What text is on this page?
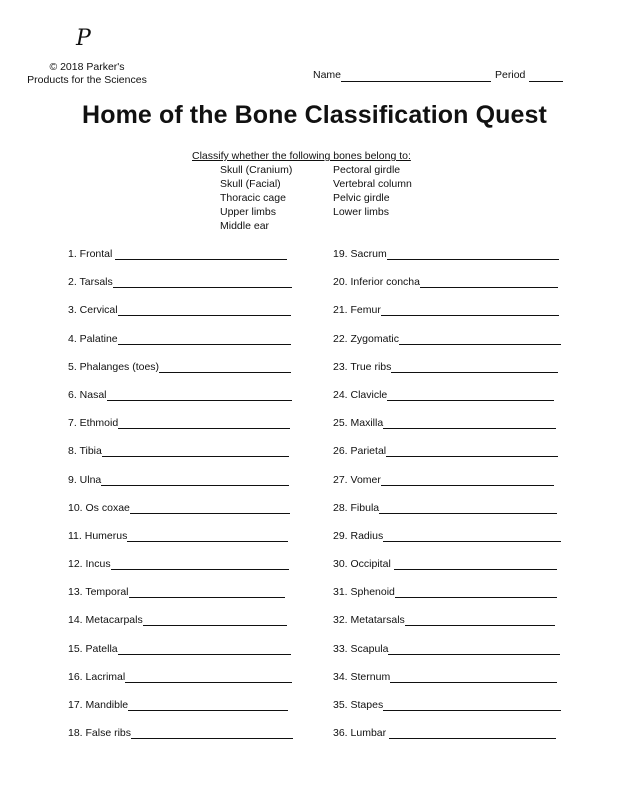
P
© 2018 Parker's
Products for the Sciences	Name	Period
Home of the Bone Classification Quest
Classify whether the following bones belong to:
Skull (Cranium)
Skull (Facial)
Thoracic cage
Upper limbs
Middle ear
Pectoral girdle
Vertebral column
Pelvic girdle
Lower limbs
1. Frontal
2. Tarsals
3. Cervical
4. Palatine
5. Phalanges (toes)
6. Nasal
7. Ethmoid
8. Tibia
9. Ulna
10. Os coxae
11. Humerus
12. Incus
13. Temporal
14. Metacarpals
15. Patella
16. Lacrimal
17. Mandible
18. False ribs
19. Sacrum
20. Inferior concha
21. Femur
22. Zygomatic
23. True ribs
24. Clavicle
25. Maxilla
26. Parietal
27. Vomer
28. Fibula
29. Radius
30. Occipital
31. Sphenoid
32. Metatarsals
33. Scapula
34. Sternum
35. Stapes
36. Lumbar
